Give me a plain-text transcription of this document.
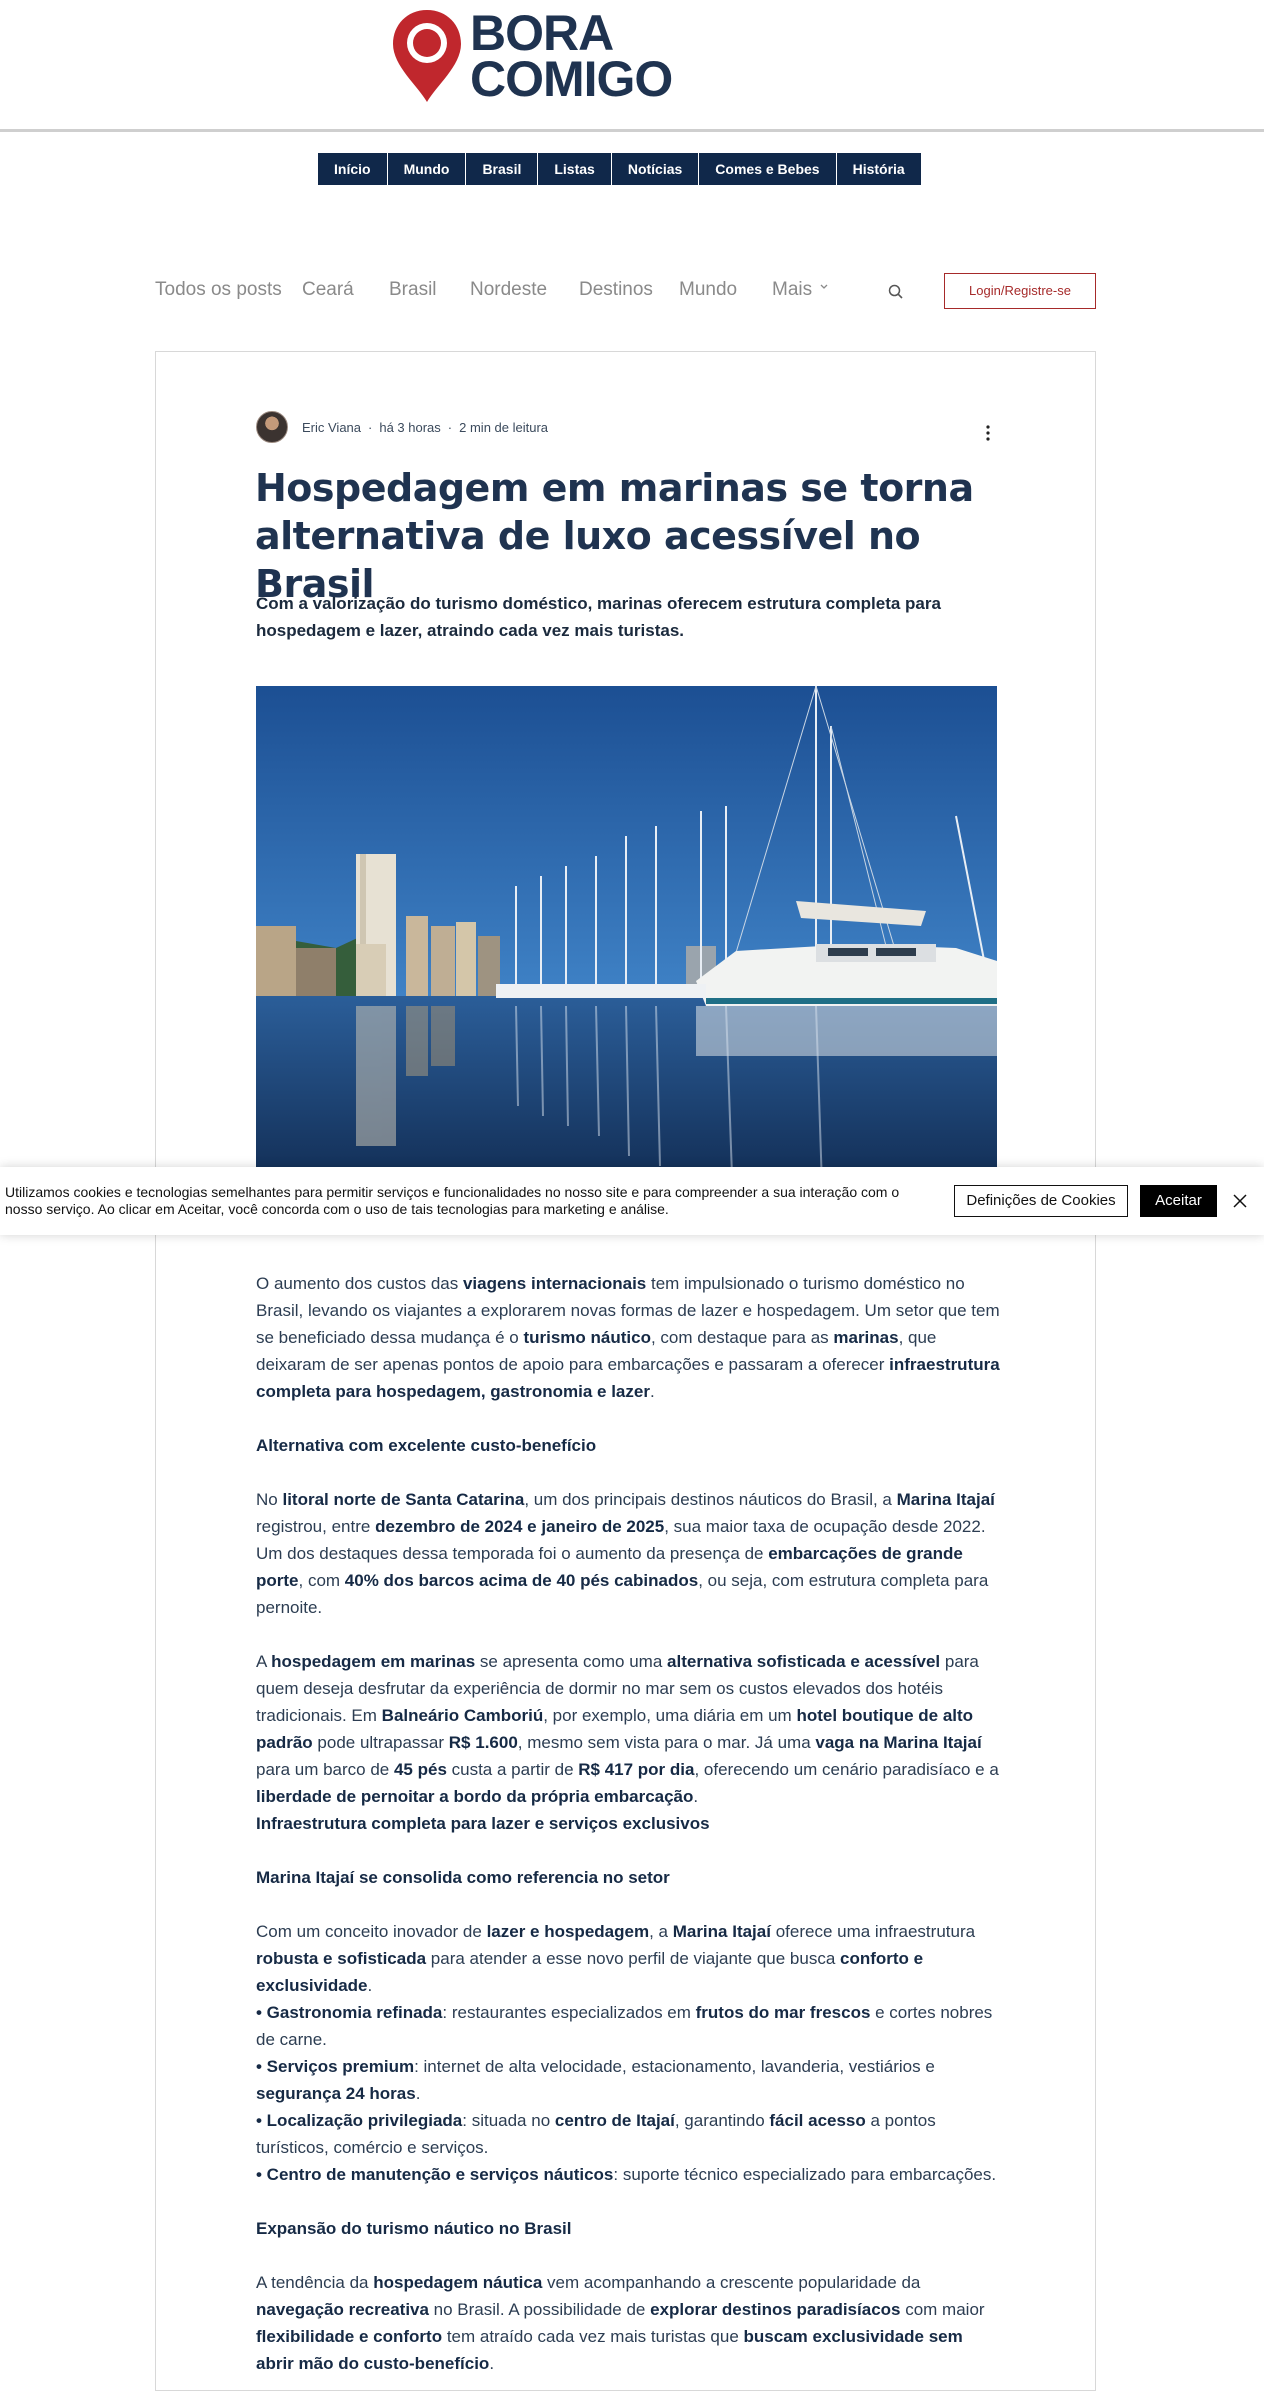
BORA
COMIGO
Início	Mundo	Brasil	Listas	Notícias	Comes e Bebes	História
Todos os posts Ceará Brasil Nordeste Destinos Mundo Mais	Login/Registre-se
Eric Viana · há 3 horas · 2 min de leitura
Hospedagem em marinas se torna alternativa de luxo acessível no Brasil

Com a valorização do turismo doméstico, marinas oferecem estrutura completa para hospedagem e lazer, atraindo cada vez mais turistas.

O aumento dos custos das viagens internacionais tem impulsionado o turismo doméstico no Brasil, levando os viajantes a explorarem novas formas de lazer e hospedagem. Um setor que tem se beneficiado dessa mudança é o turismo náutico, com destaque para as marinas, que deixaram de ser apenas pontos de apoio para embarcações e passaram a oferecer infraestrutura completa para hospedagem, gastronomia e lazer.

Alternativa com excelente custo-benefício

No litoral norte de Santa Catarina, um dos principais destinos náuticos do Brasil, a Marina Itajaí registrou, entre dezembro de 2024 e janeiro de 2025, sua maior taxa de ocupação desde 2022. Um dos destaques dessa temporada foi o aumento da presença de embarcações de grande porte, com 40% dos barcos acima de 40 pés cabinados, ou seja, com estrutura completa para pernoite.

A hospedagem em marinas se apresenta como uma alternativa sofisticada e acessível para quem deseja desfrutar da experiência de dormir no mar sem os custos elevados dos hotéis tradicionais. Em Balneário Camboriú, por exemplo, uma diária em um hotel boutique de alto padrão pode ultrapassar R$ 1.600, mesmo sem vista para o mar. Já uma vaga na Marina Itajaí para um barco de 45 pés custa a partir de R$ 417 por dia, oferecendo um cenário paradisíaco e a liberdade de pernoitar a bordo da própria embarcação.

Infraestrutura completa para lazer e serviços exclusivos

Marina Itajaí se consolida como referencia no setor

Com um conceito inovador de lazer e hospedagem, a Marina Itajaí oferece uma infraestrutura robusta e sofisticada para atender a esse novo perfil de viajante que busca conforto e exclusividade.

• Gastronomia refinada: restaurantes especializados em frutos do mar frescos e cortes nobres de carne.

• Serviços premium: internet de alta velocidade, estacionamento, lavanderia, vestiários e segurança 24 horas.

• Localização privilegiada: situada no centro de Itajaí, garantindo fácil acesso a pontos turísticos, comércio e serviços.

• Centro de manutenção e serviços náuticos: suporte técnico especializado para embarcações.

Expansão do turismo náutico no Brasil

A tendência da hospedagem náutica vem acompanhando a crescente popularidade da navegação recreativa no Brasil. A possibilidade de explorar destinos paradisíacos com maior flexibilidade e conforto tem atraído cada vez mais turistas que buscam exclusividade sem abrir mão do custo-benefício.

Utilizamos cookies e tecnologias semelhantes para permitir serviços e funcionalidades no nosso site e para compreender a sua interação com o nosso serviço. Ao clicar em Aceitar, você concorda com o uso de tais tecnologias para marketing e análise.	Definições de Cookies	Aceitar
